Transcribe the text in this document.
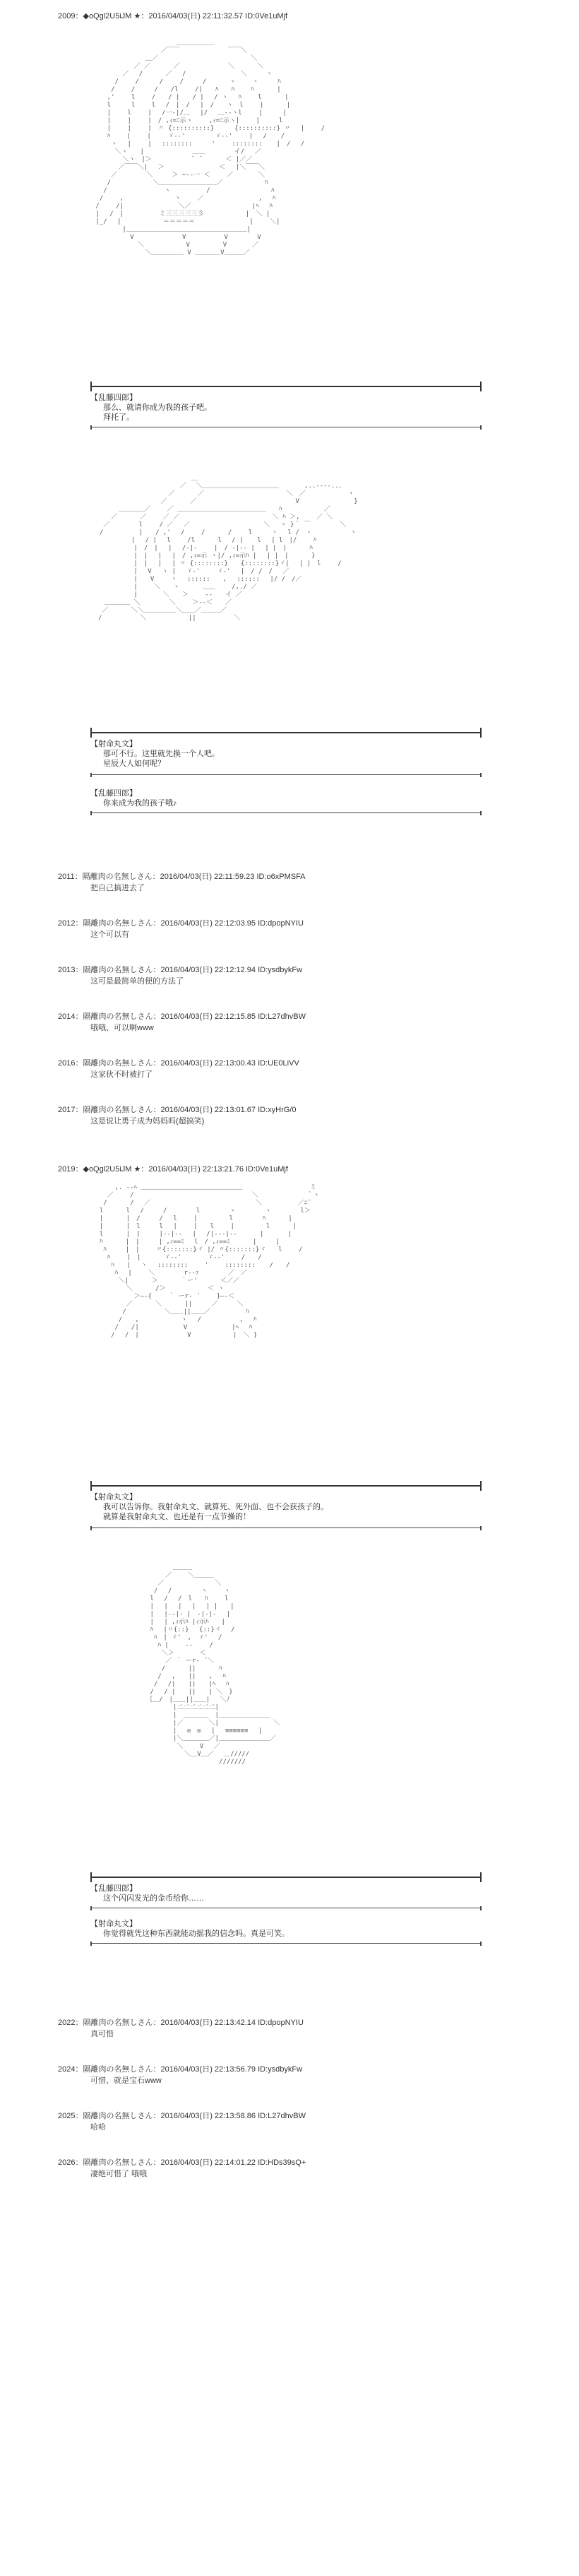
2009：◆oQgl2U5iJM ★：2016/04/03(日) 22:11:32.57 ID:0Ve1uMjf
＿＿＿＿＿＿
／￣￣　　　　　　　 ￣￣＼
＿／　　　　　　　　　　　　　　 ＼
／ ／　　　 ／　　　　　　　 ＼　　　 ＼
／　 /　　　 ／　 /　　　　　　　　 ＼　　　ヽ
/　　 / 　　 /　　 /　　　/　　　 ヽ　　 ヽ　　　ﾊ
/　　 /　　　/　　/l　 　/|　　ﾊ　　ﾊ　　 ﾊ　　　 |
,'　　 l　　 /　　/ |　　/ |　 / ヽ　 ﾊ　　 l　　　 |
l 　 　l　　 l　 /　|　/　 |　/　　ヽ　l　　 |　　　 |
|　　 l　　 |　 /一-|/＿　 |/　 ＿-‐ヽl　　 |　 　 |
|　 　|　　 |　/ ,ｨ=ﾆ示ヽ　　 ,ｨ=ﾆ示ヽ|　　 |　　　l
|　　 |　　 |　〃 {::::::::::} 　　 {::::::::::} 〃　 |　　 /
ﾊ　　 |　　 |　　 ゞ-‐'　　　　 ゞ-‐'　　 |　 / 　 /
ヽ　 |　　 |　 ::::::::　　　'　　 :::::::: 　 |　/　 /
＼ヽ　　|　　　　　　　 ＿＿　　　　 イ/　 ／
＼ヽ　|＞　　　　 　 ` ´　　　 ＜ |／／
／￣￣＼|　 ＞　　　　　　　　 ＜　 |＼￣￣＼
／　　　　 ＼　　　＞ ─‐‐一 ＜　　 ／　　　　＼
/　　　　　　 ＼＿＿＿＿＿＿＿＿＿／　　　　　　 ﾊ
/　　　　　　　　　ヽ　　　　　 /　　　　　　　　　 ﾊ
/　　 ,　　　　　　　　ヽ　　 ／　　　　　　　　 ,　 ﾊ
/　　 /|　　　　　　　　 ＼／　　　　　　　　　 |ﾍ　 ﾊ
|　 /　|　　　　　 ミ三三三三三彡　　　　　　 |　＼ |
|_/　 |　　　　　　 ＝＝＝＝＝　　　　　　　　 |　　 ＼|
|＿＿＿＿＿＿＿＿＿＿＿＿＿＿＿＿＿＿＿|
V 　　　　　　　V　　　　　　V　　　　 V
＼　　　　　　 V　　 　　 V　　　　／
＼＿＿＿＿＿ V ＿＿＿＿V＿＿＿／

【乱藤四郎】
那么、就请你成为我的孩子吧。
拜托了。
＿
／　 ＼＿＿＿＿＿＿＿＿＿＿＿＿　　　　,..-‐‐-..、
／　　　 ／　　　　　　　　　　　　　＼　／　　　　　　 ヽ
／　　　 ／　　　　　　　　　　　　　　　 V　　　　　　　　 }
＿＿＿＿／　　 ／ ＿＿＿＿＿＿＿＿＿＿＿＿＿＿　　ﾊ　　　　　　 ／
／　　　 ／　　 ／ ／　　　　　　　　　　　　　　 ＼ ﾊ ＞,　　 ／ ＼
／　　　　 l　　 / ／　 ／　　　　　　　　　　　 ＼ 　ヽ }｀ ￣　　　　 ＼
/　　　　　 |　　/ ,'　 /　　 /　　　 /　　 l　　　ヽ　 l /　ヽ　　　　　　ヽ
　　　　 　 |　 / |　 l　　 /l　　　 l　 / | 　 l　 | l　|/　　 ﾊ
　　　　　 　|　/　| 　|　 /-|-　　 |　/ -|-‐ |　 | |　|　　　 ﾊ
　　　　　　 |　|　 |　 |　/ ,ｨ=示 ヽ|/ ,ｨ=示ﾊ |　 | |　|　　　 }
　　　　　 　|　|　 |　 | 〃 {::::::::}　　{::::::::}ヾ| 　| |　l　　 /
　　　　　　 |　 V　 ヽ |　 ゞ‐'　　 ゞ‐'　 |　/ /　/　 ／
　　　　　　 |　　V　　 ヽ　 ::::::　　, 　:::::: 　|/ /　/／
　　　　　　 |　　 ＼　　ヽ　　　 ＿＿　　 /,./ ／
　　　　　　 |　　　　＼　　＞　　 ‐‐　　イ ／
　　＿＿＿＿ ＼　　　　 ＼　　 ＞‐‐＜　　／
　 ／　　　 ＼＼＿＿＿＿＿＼＿＿／＿＿＿／
　/　　　　　　＼　　　　　　 ||　　　　　　＼

【射命丸文】
那可不行。这里就先换一个人吧。
星辰大人如何呢？
【乱藤四郎】
你来成为我的孩子哦♪
2011：隔離肉の名無しさん：2016/04/03(日) 22:11:59.23 ID:o6xPMSFA
把自己搞进去了
2012：隔離肉の名無しさん：2016/04/03(日) 22:12:03.95 ID:dpopNYIU
这个可以有
2013：隔離肉の名無しさん：2016/04/03(日) 22:12:12.94 ID:ysdbykFw
这可是最简单的便的方法了
2014：隔離肉の名無しさん：2016/04/03(日) 22:12:15.85 ID:L27dhvBW
哦哦、可以啊www
2016：隔離肉の名無しさん：2016/04/03(日) 22:13:00.43 ID:UE0LiVV
这家伙不时被打了
2017：隔離肉の名無しさん：2016/04/03(日) 22:13:01.67 ID:xyHrG/0
这是说让勇子成为妈妈吗(超搞笑)
2019：◆oQgl2U5iJM ★：2016/04/03(日) 22:13:21.76 ID:0Ve1uMjf
,. -‐ﾍ ＿＿＿＿＿＿＿＿＿＿＿＿＿＿＿＿　　　　　　　　　　 ミ
／　　 /　　　　　　　　　　　　　　　　　　 ＼　　　　　　　 ｀ヽ
/　　　 /　 ／　　　　　　　　　　　　　　　　 ＼　　　　　 ／ﾆ¨
l　　　 l　 /　　　/　　　　 l　　　　 ヽ　　　　 ヽ　　　　 l＞
|　　　 |　/　　　/　 l　　 |　　　　　l　　　　 ﾊ　 　　|
|　　　 |　l　　　l　 |　　 |　　l　　 |　　　　　l 　　　|
l　　　 |　|　　　|-‐|‐-　 |　 /|‐‐‐|‐-　　　 | 　 　 |
ﾊ　　　 |　|　　　| ,ｨ==ﾐ　 l　/ ,ｨ==ﾐ　　　 |　　　|
ﾊ　　　|　|　　 〃{:::::::}ヾ |/ 〃{:::::::}ヾ　　l　　 /
ﾊ　　 |　|　　　 ゞ-‐'　　　　ゞ-‐'　　 /　　/
ﾊ　　|　 ヽ　 ::::::::　　 '　　 :::::::: 　 /　　/
ﾊ　 |　　 ＼　　　　 r‐‐ｧ　　　　 ／　／
＼|　　　 ＞　　　 ｀ー'　　　 ＜／／
＼　　　 /＞　　　　　　 ＜ ヽ
＞―‐{　　 ｀ ーr‐ ´　　 }―‐＜
／　　　 ＼　　　 ||　　　／　　　＼
/　　　　　　＼＿＿||＿＿／　　　　　 ﾊ
/　　,　　　　　　 ヽ 　/　　　　　　,　 ﾊ
/　　/|　　　　　　　V　　　　　　　|ﾍ　 ﾊ
/　 /　|　　　　　　　 V　　　　　　 |　＼ }

【射命丸文】
我可以告诉你。我射命丸文、就算死、死外面、也不会获孩子的。
就算是我射命丸文、也还是有一点节操的！
＿＿＿
／　　 ＼＿＿＿
／　　　　　　　　＼
/　 /　　　　 ヽ　　 ヽ
l　 /　 /　l　　ﾊ　　 l
|　 |　 |　 |　 | |　　|
|　 |‐-|‐ |　-|‐|‐ 　|
| 　| ,ｨ示ﾊ |ｨ示ﾊ　　|
ﾊ 　|〃{::}　 {::}ヾ　 /
ﾊ　| ゞ'　,　ゞ'　 /
ﾊ |　　 ‐‐　　 /
＼＞　　　　＜
／ ｀ ーr‐ ´＼
/　　　 ||　　　 ﾊ
/　 ,　　||　　,　 ﾊ
/　 /|　　||　　|ﾍ　 ﾊ
/　 / |　　||　　| ＼　}
｛＿/　|＿＿||＿＿|　 ＼ﾉ
|二二二二二二|
|　＿＿＿＿　|＿＿＿＿＿＿＿＿
|／　　　　＼|　　　　　　　　 ＼
|　 ◎　◎ 　|　 ≡≡≡≡≡≡　 |
|＼＿＿＿＿／|＿＿＿＿＿＿＿＿／
＼　　 V　 ／
＼＿V＿／　 ＿/////
///////

【乱藤四郎】
这个闪闪发光的金币给你……
【射命丸文】
你觉得就凭这种东西就能动摇我的信念吗。真是可笑。
2022：隔離肉の名無しさん：2016/04/03(日) 22:13:42.14 ID:dpopNYIU
真可惜
2024：隔離肉の名無しさん：2016/04/03(日) 22:13:56.79 ID:ysdbykFw
可惜、就是宝石www
2025：隔離肉の名無しさん：2016/04/03(日) 22:13:58.86 ID:L27dhvBW
哈哈
2026：隔離肉の名無しさん：2016/04/03(日) 22:14:01.22 ID:HDs39sQ+
凄绝可惜了 哦哦
